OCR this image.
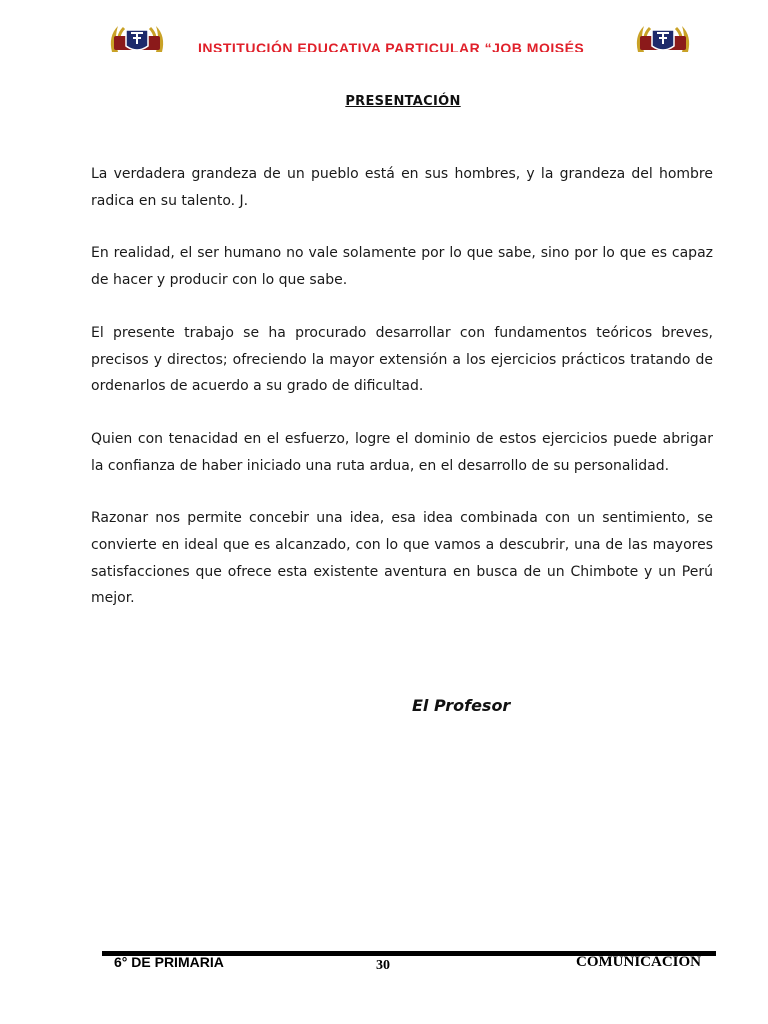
INSTITUCIÓN EDUCATIVA PARTICULAR “JOB MOISÉS
PRESENTACIÓN

La verdadera grandeza de un pueblo está en sus hombres, y la grandeza del hombre radica en su talento. J.

En realidad, el ser humano no vale solamente por lo que sabe, sino por lo que es capaz de hacer y producir con lo que sabe.

El presente trabajo se ha procurado desarrollar con fundamentos teóricos breves, precisos y directos; ofreciendo la mayor extensión a los ejercicios prácticos tratando de ordenarlos de acuerdo a su grado de dificultad.

Quien con tenacidad en el esfuerzo, logre el dominio de estos ejercicios puede abrigar la confianza de haber iniciado una ruta ardua, en el desarrollo de su personalidad.

Razonar nos permite concebir una idea, esa idea combinada con un sentimiento, se convierte en ideal que es alcanzado, con lo que vamos a descubrir, una de las mayores satisfacciones que ofrece esta existente aventura en busca de un Chimbote y un Perú mejor.

El Profesor
6° DE PRIMARIA	30	COMUNICACION
